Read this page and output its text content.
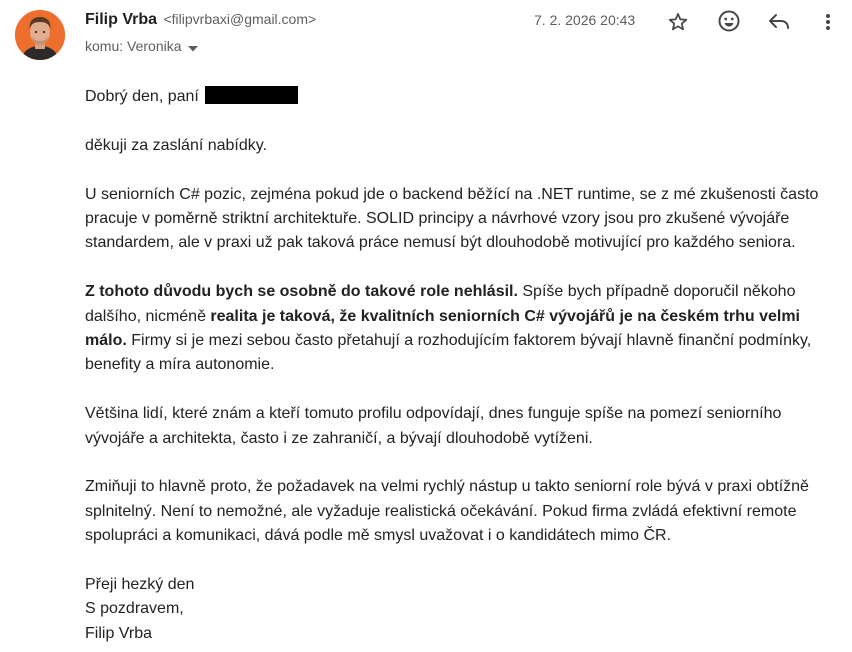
Filip Vrba <filipvrbaxi@gmail.com>
komu: Veronika
7. 2. 2026 20:43

Dobrý den, paní

děkuji za zaslání nabídky.

U seniorních C# pozic, zejména pokud jde o backend běžící na .NET runtime, se z mé zkušenosti často pracuje v poměrně striktní architektuře. SOLID principy a návrhové vzory jsou pro zkušené vývojáře standardem, ale v praxi už pak taková práce nemusí být dlouhodobě motivující pro každého seniora.

Z tohoto důvodu bych se osobně do takové role nehlásil. Spíše bych případně doporučil někoho dalšího, nicméně realita je taková, že kvalitních seniorních C# vývojářů je na českém trhu velmi málo. Firmy si je mezi sebou často přetahují a rozhodujícím faktorem bývají hlavně finanční podmínky, benefity a míra autonomie.

Většina lidí, které znám a kteří tomuto profilu odpovídají, dnes funguje spíše na pomezí seniorního vývojáře a architekta, často i ze zahraničí, a bývají dlouhodobě vytíženi.

Zmiňuji to hlavně proto, že požadavek na velmi rychlý nástup u takto seniorní role bývá v praxi obtížně splnitelný. Není to nemožné, ale vyžaduje realistická očekávání. Pokud firma zvládá efektivní remote spolupráci a komunikaci, dává podle mě smysl uvažovat i o kandidátech mimo ČR.

Přeji hezký den
S pozdravem,
Filip Vrba
